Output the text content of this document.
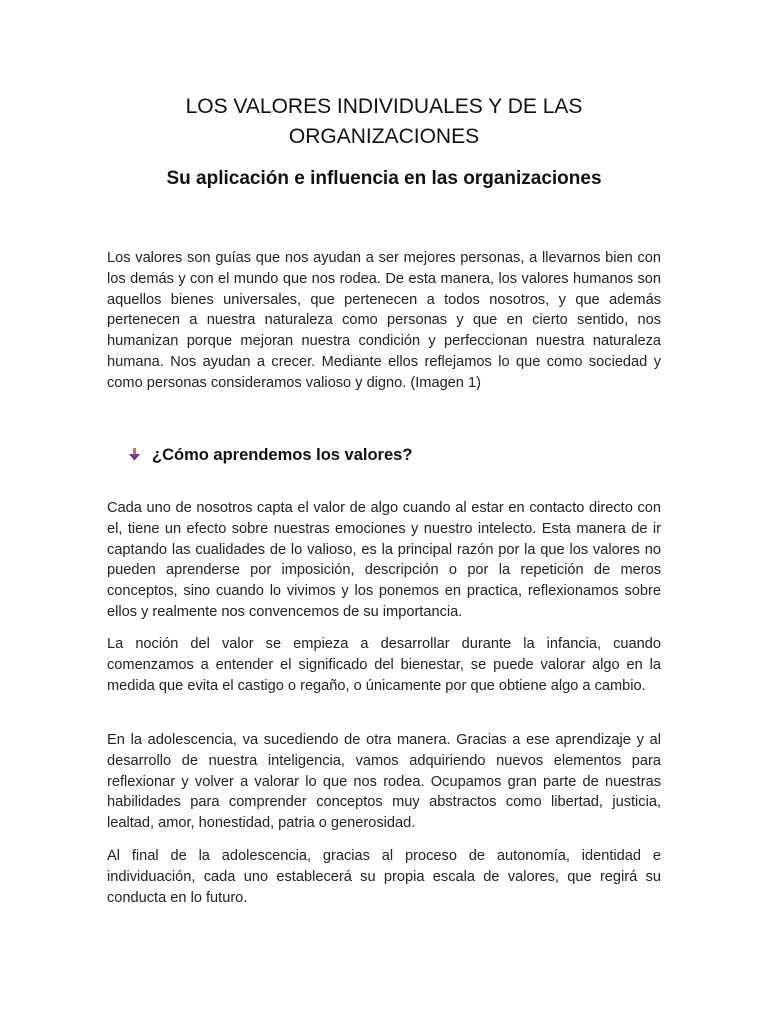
LOS VALORES INDIVIDUALES Y DE LAS ORGANIZACIONES
Su aplicación e influencia en las organizaciones

Los valores son guías que nos ayudan a ser mejores personas, a llevarnos bien con los demás y con el mundo que nos rodea. De esta manera, los valores humanos son aquellos bienes universales, que pertenecen a todos nosotros, y que además pertenecen a nuestra naturaleza como personas y que en cierto sentido, nos humanizan porque mejoran nuestra condición y perfeccionan nuestra naturaleza humana. Nos ayudan a crecer. Mediante ellos reflejamos lo que como sociedad y como personas consideramos valioso y digno. (Imagen 1)

¿Cómo aprendemos los valores?

Cada uno de nosotros capta el valor de algo cuando al estar en contacto directo con el, tiene un efecto sobre nuestras emociones y nuestro intelecto. Esta manera de ir captando las cualidades de lo valioso, es la principal razón por la que los valores no pueden aprenderse por imposición, descripción o por la repetición de meros conceptos, sino cuando lo vivimos y los ponemos en practica, reflexionamos sobre ellos y realmente nos convencemos de su importancia.

La noción del valor se empieza a desarrollar durante la infancia, cuando comenzamos a entender el significado del bienestar, se puede valorar algo en la medida que evita el castigo o regaño, o únicamente por que obtiene algo a cambio.

En la adolescencia, va sucediendo de otra manera. Gracias a ese aprendizaje y al desarrollo de nuestra inteligencia, vamos adquiriendo nuevos elementos para reflexionar y volver a valorar lo que nos rodea. Ocupamos gran parte de nuestras habilidades para comprender conceptos muy abstractos como libertad, justicia, lealtad, amor, honestidad, patria o generosidad.

Al final de la adolescencia, gracias al proceso de autonomía, identidad e individuación, cada uno establecerá su propia escala de valores, que regirá su conducta en lo futuro.
